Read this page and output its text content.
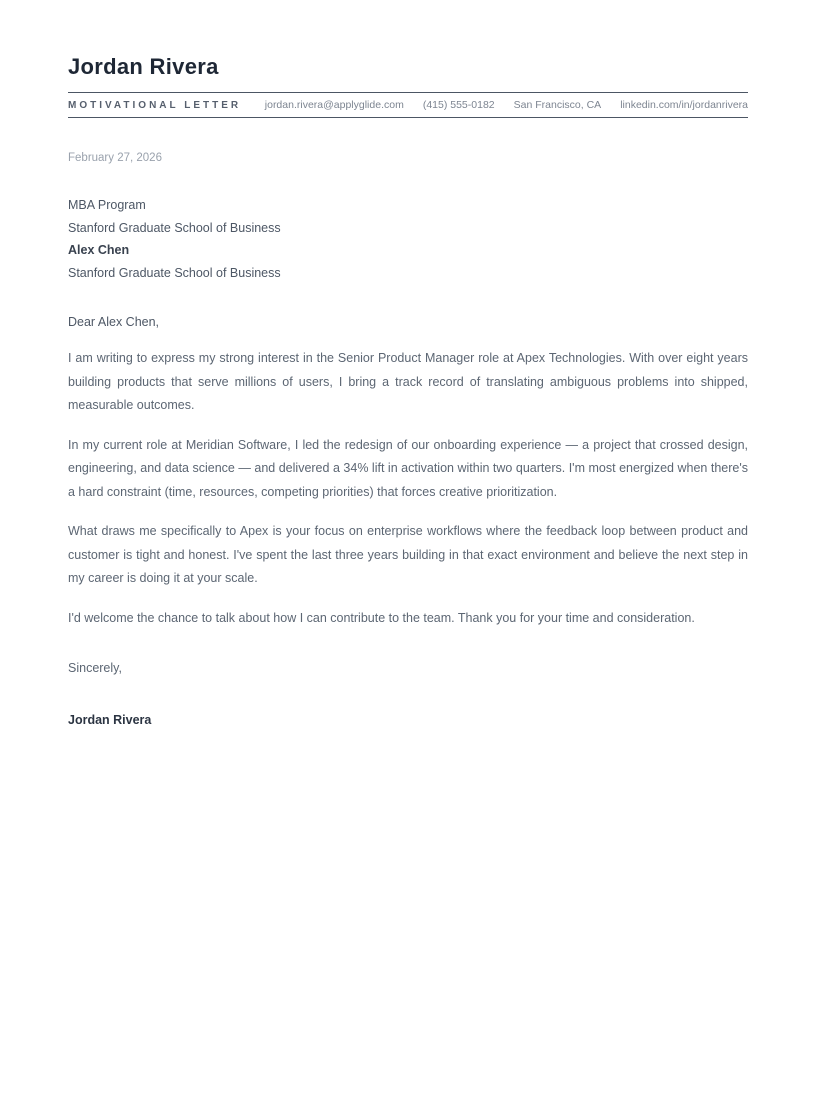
Jordan Rivera
MOTIVATIONAL LETTER jordan.rivera@applyglide.com (415) 555-0182 San Francisco, CA linkedin.com/in/jordanrivera
February 27, 2026
MBA Program
Stanford Graduate School of Business
Alex Chen
Stanford Graduate School of Business
Dear Alex Chen,

I am writing to express my strong interest in the Senior Product Manager role at Apex Technologies. With over eight years building products that serve millions of users, I bring a track record of translating ambiguous problems into shipped, measurable outcomes.

In my current role at Meridian Software, I led the redesign of our onboarding experience — a project that crossed design, engineering, and data science — and delivered a 34% lift in activation within two quarters. I'm most energized when there's a hard constraint (time, resources, competing priorities) that forces creative prioritization.

What draws me specifically to Apex is your focus on enterprise workflows where the feedback loop between product and customer is tight and honest. I've spent the last three years building in that exact environment and believe the next step in my career is doing it at your scale.

I'd welcome the chance to talk about how I can contribute to the team. Thank you for your time and consideration.

Sincerely,
Jordan Rivera
